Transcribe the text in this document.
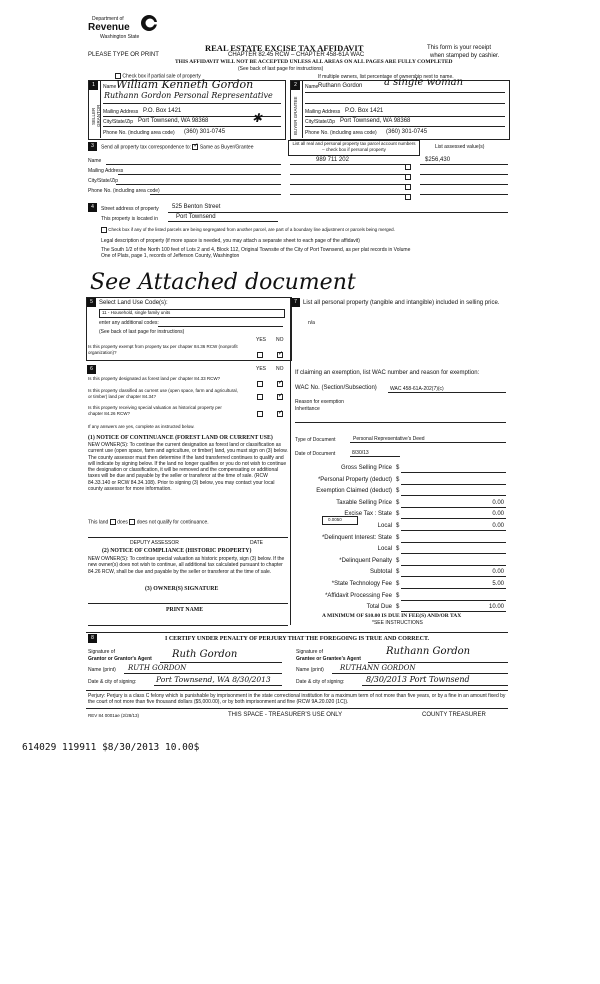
Department of
Revenue
Washington State
PLEASE TYPE OR PRINT
REAL ESTATE EXCISE TAX AFFIDAVIT
CHAPTER 82.45 RCW – CHAPTER 458-61A WAC
THIS AFFIDAVIT WILL NOT BE ACCEPTED UNLESS ALL AREAS ON ALL PAGES ARE FULLY COMPLETED
(See back of last page for instructions)
This form is your receipt
when stamped by cashier.
Check box if partial sale of property	If multiple owners, list percentage of ownership next to name.
1	2
SELLER GRANTOR	BUYER GRANTEE
Name William Kenneth Gordon
Ruthann Gordon Personal Representative
Mailing Address P.O. Box 1421
City/State/Zip Port Townsend, WA 98368	✱
Phone No. (including area code) (360) 301-0745
Name Ruthann Gordon a single woman
Mailing Address P.O. Box 1421
City/State/Zip Port Townsend, WA 98368
Phone No. (including area code) (360) 301-0745
3	Send all property tax correspondence to: ✓ Same as Buyer/Grantee
List all real and personal property tax parcel account numbers – check box if personal property	List assessed value(s)
Name
Mailing Address
City/State/Zip
Phone No. (including area code)
989 711 202	$256,430
4	Street address of property 525 Benton Street
This property is located in	Port Townsend
Check box if any of the listed parcels are being segregated from another parcel, are part of a boundary line adjustment or parcels being merged.
Legal description of property (if more space is needed, you may attach a separate sheet to each page of the affidavit)
The South 1/2 of the North 100 feet of Lots 2 and 4, Block 112, Original Townsite of the City of Port Townsend, as per plat records in Volume One of Plats, page 1, records of Jefferson County, Washington
See Attached document
5	Select Land Use Code(s):
11 - Household, single family units
enter any additional codes:
(See back of last page for instructions)
YES NO
Is this property exempt from property tax per chapter 84.36 RCW (nonprofit organization)?
✓
6	YES NO
Is this property designated as forest land per chapter 84.33 RCW?
✓
Is this property classified as current use (open space, farm and agricultural, or timber) land per chapter 84.34?
✓
Is this property receiving special valuation as historical property per chapter 84.26 RCW?
✓
If any answers are yes, complete as instructed below.
(1) NOTICE OF CONTINUANCE (FOREST LAND OR CURRENT USE)
NEW OWNER(S): To continue the current designation as forest land or classification as current use (open space, farm and agriculture, or timber) land, you must sign on (3) below. The county assessor must then determine if the land transferred continues to qualify and will indicate by signing below. If the land no longer qualifies or you do not wish to continue the designation or classification, it will be removed and the compensating or additional taxes will be due and payable by the seller or transferor at the time of sale. (RCW 84.33.140 or RCW 84.34.108). Prior to signing (3) below, you may contact your local county assessor for more information.
This land does does not qualify for continuance.
DEPUTY ASSESSOR	DATE
(2) NOTICE OF COMPLIANCE (HISTORIC PROPERTY)
NEW OWNER(S): To continue special valuation as historic property, sign (3) below. If the new owner(s) does not wish to continue, all additional tax calculated pursuant to chapter 84.26 RCW, shall be due and payable by the seller or transferor at the time of sale.
(3) OWNER(S) SIGNATURE
PRINT NAME
7	List all personal property (tangible and intangible) included in selling price.
n/a
If claiming an exemption, list WAC number and reason for exemption:
WAC No. (Section/Subsection)	WAC 458-61A-202(7)(c)
Reason for exemption
Inheritance
Type of Document	Personal Representative's Deed
Date of Document	8/30/13
Gross Selling Price $
*Personal Property (deduct) $
Exemption Claimed (deduct) $
Taxable Selling Price $	0.00
Excise Tax : State $	0.00
Local $	0.00
*Delinquent Interest: State $
Local $
*Delinquent Penalty $
Subtotal $	0.00
*State Technology Fee $	5.00
*Affidavit Processing Fee $
Total Due $	10.00
0.0050
A MINIMUM OF $10.00 IS DUE IN FEE(S) AND/OR TAX
*SEE INSTRUCTIONS
8	I CERTIFY UNDER PENALTY OF PERJURY THAT THE FOREGOING IS TRUE AND CORRECT.
Signature of
Grantor or Grantor's Agent Ruth Gordon
Name (print) RUTH GORDON
Date & city of signing:	Port Townsend, WA 8/30/2013
Signature of
Grantee or Grantee's Agent
Ruthann Gordon
Name (print) RUTHANN GORDON
Date & city of signing:	8/30/2013 Port Townsend
Perjury: Perjury is a class C felony which is punishable by imprisonment in the state correctional institution for a maximum term of not more than five years, or by a fine in an amount fixed by the court of not more than five thousand dollars ($5,000.00), or by both imprisonment and fine (RCW 9A.20.020 (1C)).
REV 84 0001ae (2/28/13)	THIS SPACE - TREASURER'S USE ONLY	COUNTY TREASURER
614029 119911 $8/30/2013 10.00$
